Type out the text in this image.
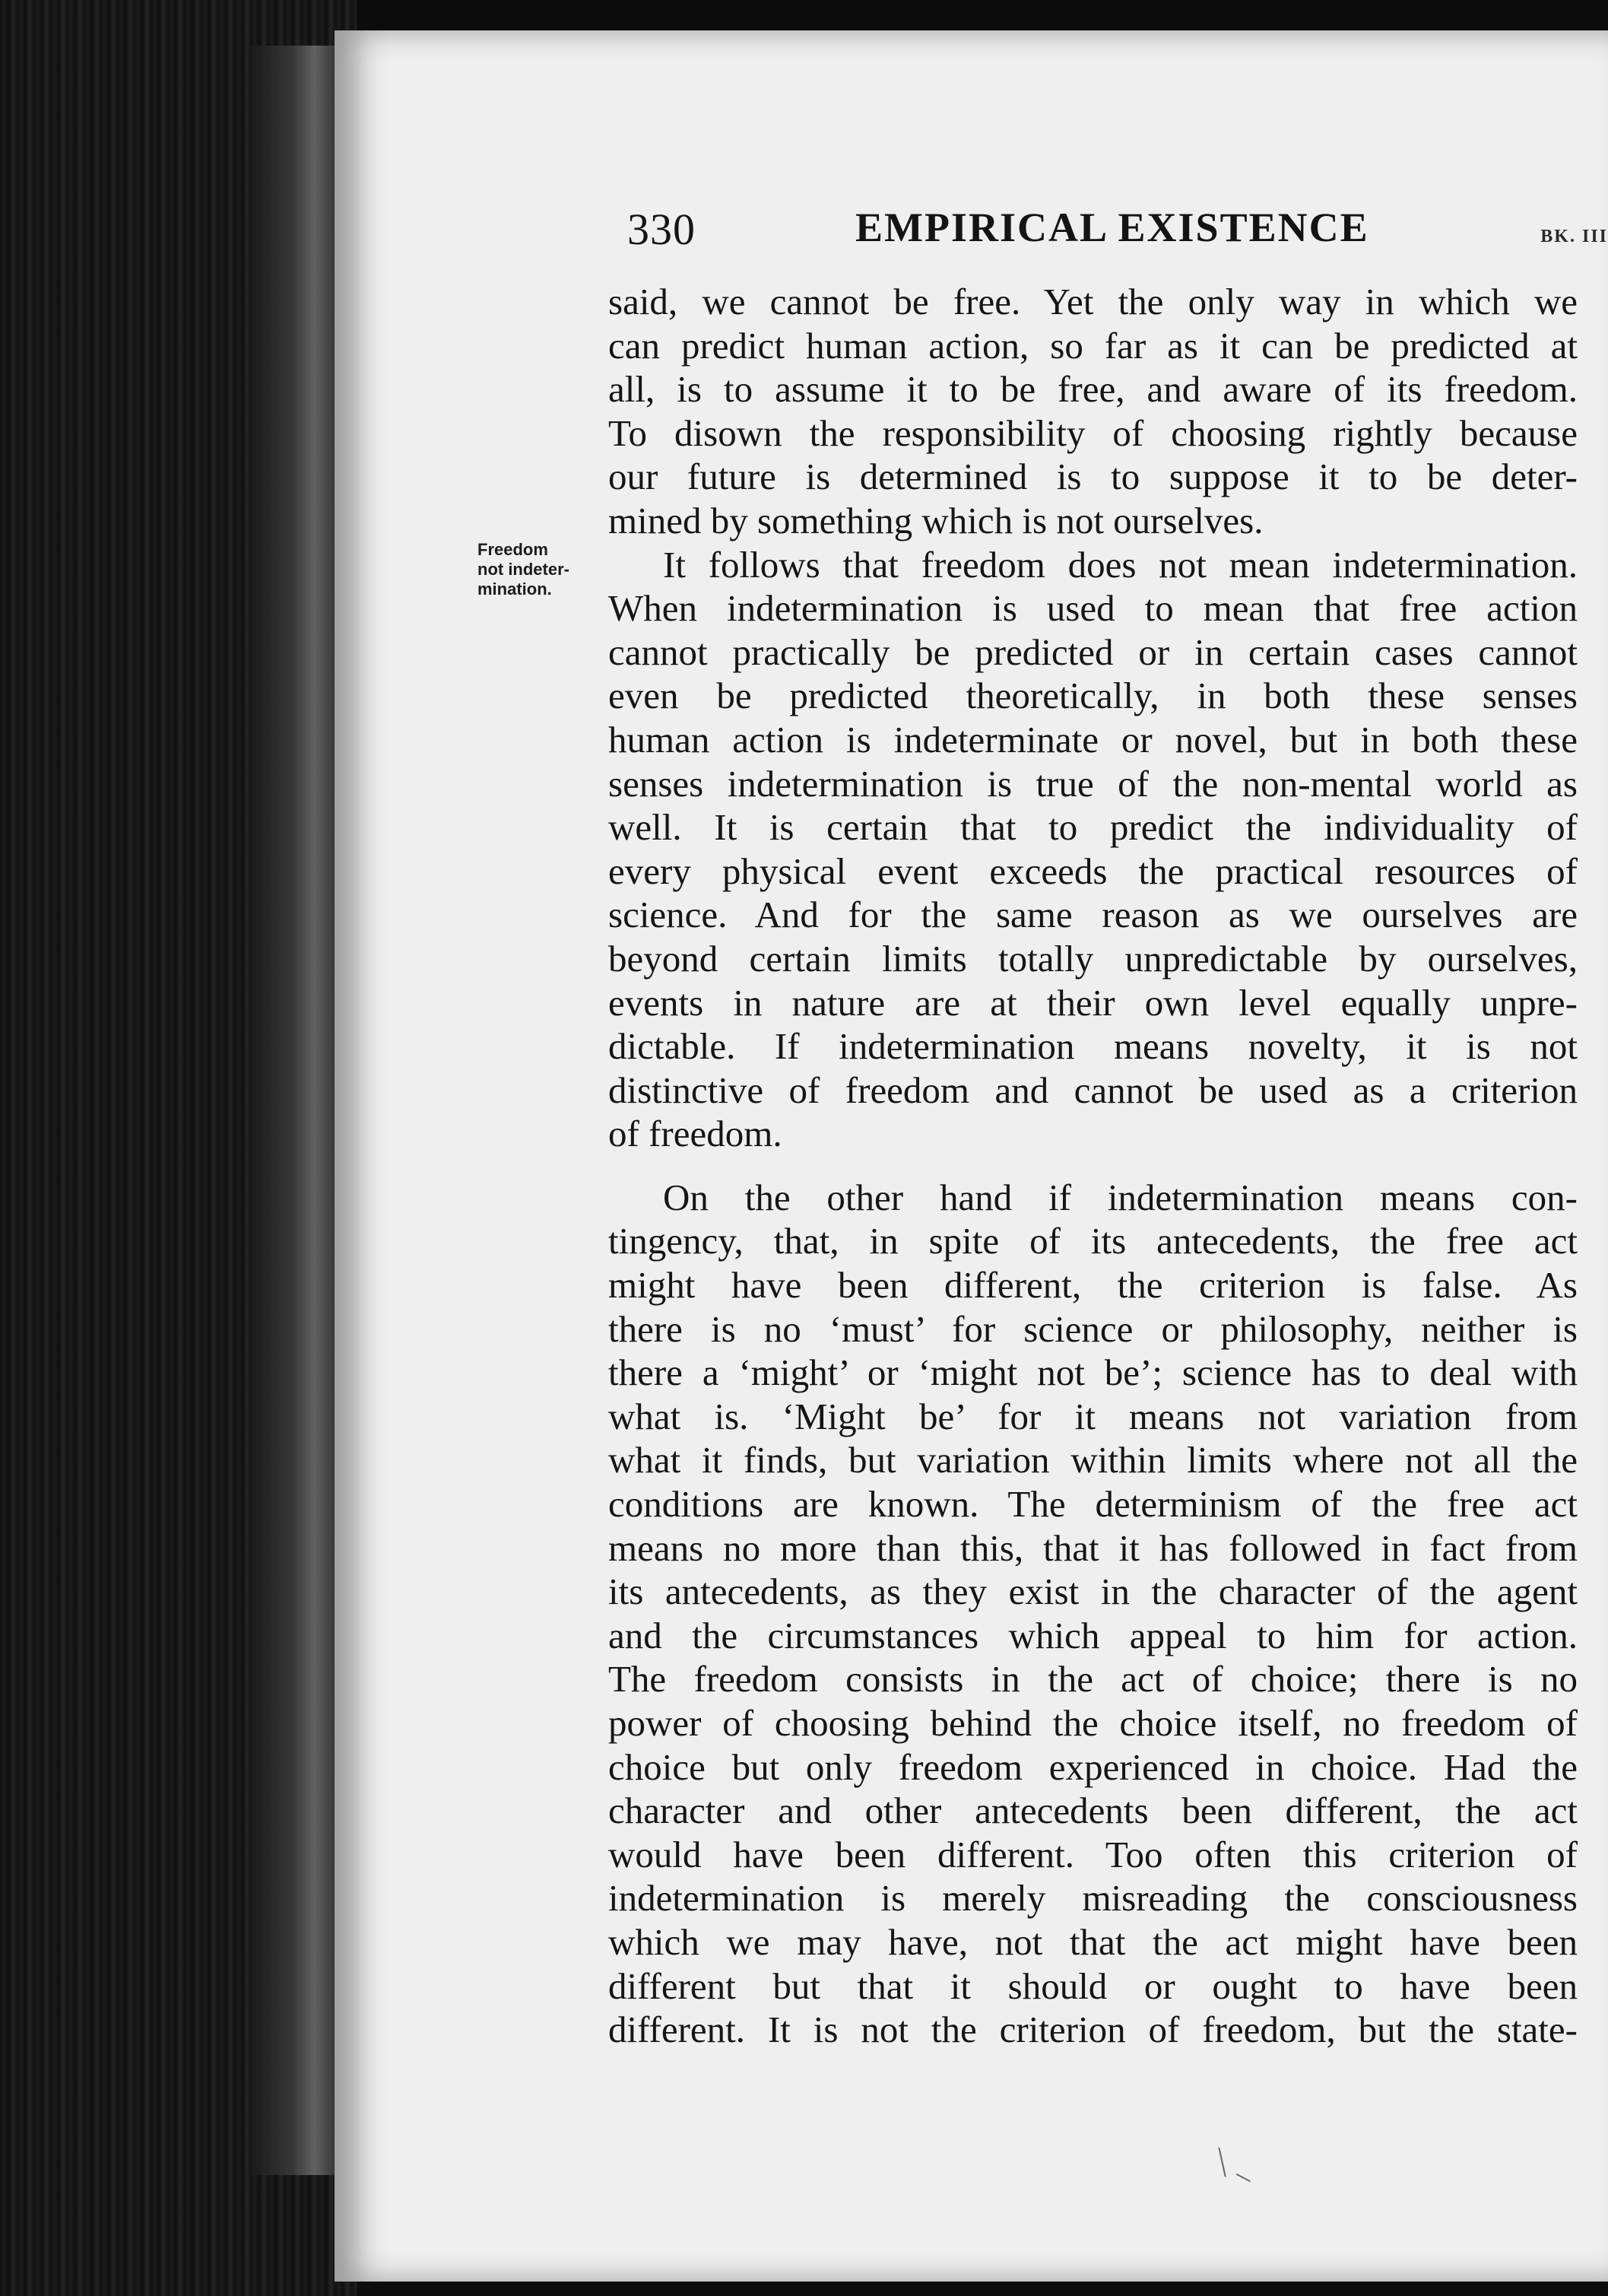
330	EMPIRICAL EXISTENCE	BK. III
Freedom
not indeter-
mination.
said, we cannot be free. Yet the only way in which we
can predict human action, so far as it can be predicted at
all, is to assume it to be free, and aware of its freedom.
To disown the responsibility of choosing rightly because
our future is determined is to suppose it to be deter-
mined by something which is not ourselves.
It follows that freedom does not mean indetermination.
When indetermination is used to mean that free action
cannot practically be predicted or in certain cases cannot
even be predicted theoretically, in both these senses
human action is indeterminate or novel, but in both these
senses indetermination is true of the non-mental world as
well. It is certain that to predict the individuality of
every physical event exceeds the practical resources of
science. And for the same reason as we ourselves are
beyond certain limits totally unpredictable by ourselves,
events in nature are at their own level equally unpre-
dictable. If indetermination means novelty, it is not
distinctive of freedom and cannot be used as a criterion
of freedom.
On the other hand if indetermination means con-
tingency, that, in spite of its antecedents, the free act
might have been different, the criterion is false. As
there is no ‘must’ for science or philosophy, neither is
there a ‘might’ or ‘might not be’; science has to deal with
what is. ‘Might be’ for it means not variation from
what it finds, but variation within limits where not all the
conditions are known. The determinism of the free act
means no more than this, that it has followed in fact from
its antecedents, as they exist in the character of the agent
and the circumstances which appeal to him for action.
The freedom consists in the act of choice; there is no
power of choosing behind the choice itself, no freedom of
choice but only freedom experienced in choice. Had the
character and other antecedents been different, the act
would have been different. Too often this criterion of
indetermination is merely misreading the consciousness
which we may have, not that the act might have been
different but that it should or ought to have been
different. It is not the criterion of freedom, but the state-
⟍ ‒
